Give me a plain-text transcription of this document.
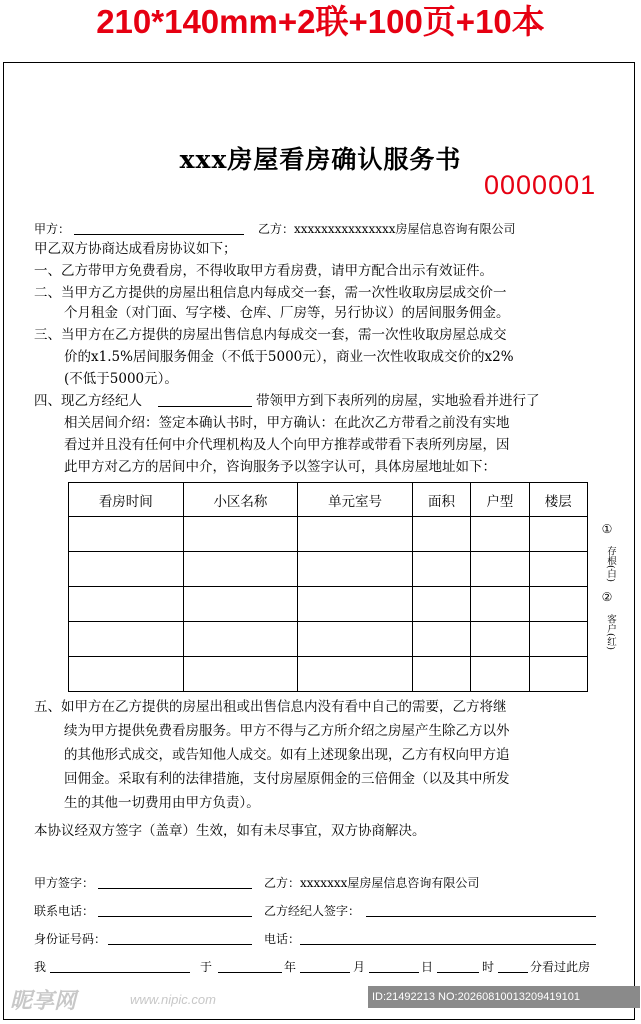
210*140mm+2联+100页+10本
xxx房屋看房确认服务书
0000001
甲方：	乙方：xxxxxxxxxxxxxxx房屋信息咨询有限公司
甲乙双方协商达成看房协议如下；
一、乙方带甲方免费看房，不得收取甲方看房费，请甲方配合出示有效证件。
二、当甲方乙方提供的房屋出租信息内每成交一套，需一次性收取房层成交价一
个月租金（对门面、写字楼、仓库、厂房等，另行协议）的居间服务佣金。
三、当甲方在乙方提供的房屋出售信息内每成交一套，需一次性收取房屋总成交
价的x1.5%居间服务佣金（不低于5000元），商业一次性收取成交价的x2%
(不低于5000元）。
四、现乙方经纪人	带领甲方到下表所列的房屋，实地验看并进行了
相关居间介绍：签定本确认书时，甲方确认：在此次乙方带看之前没有实地
看过并且没有任何中介代理机构及人个向甲方推荐或带看下表所列房屋，因
此甲方对乙方的居间中介，咨询服务予以签字认可，具体房屋地址如下：
看房时间	小区名称	单元室号	面积	户型	楼层

①
存根(白)
②
客户(红)
五、如甲方在乙方提供的房屋出租或出售信息内没有看中自己的需要，乙方将继
续为甲方提供免费看房服务。甲方不得与乙方所介绍之房屋产生除乙方以外
的其他形式成交，或告知他人成交。如有上述现象出现，乙方有权向甲方追
回佣金。采取有利的法律措施，支付房屋原佣金的三倍佣金（以及其中所发
生的其他一切费用由甲方负责）。
本协议经双方签字（盖章）生效，如有未尽事宜，双方协商解决。
甲方签字：	乙方：xxxxxxx屋房屋信息咨询有限公司
联系电话：	乙方经纪人签字：
身份证号码：	电话：
我	于	年	月	日	时	分看过此房
昵享网	www.nipic.com	ID:21492213 NO:20260810013209419101
